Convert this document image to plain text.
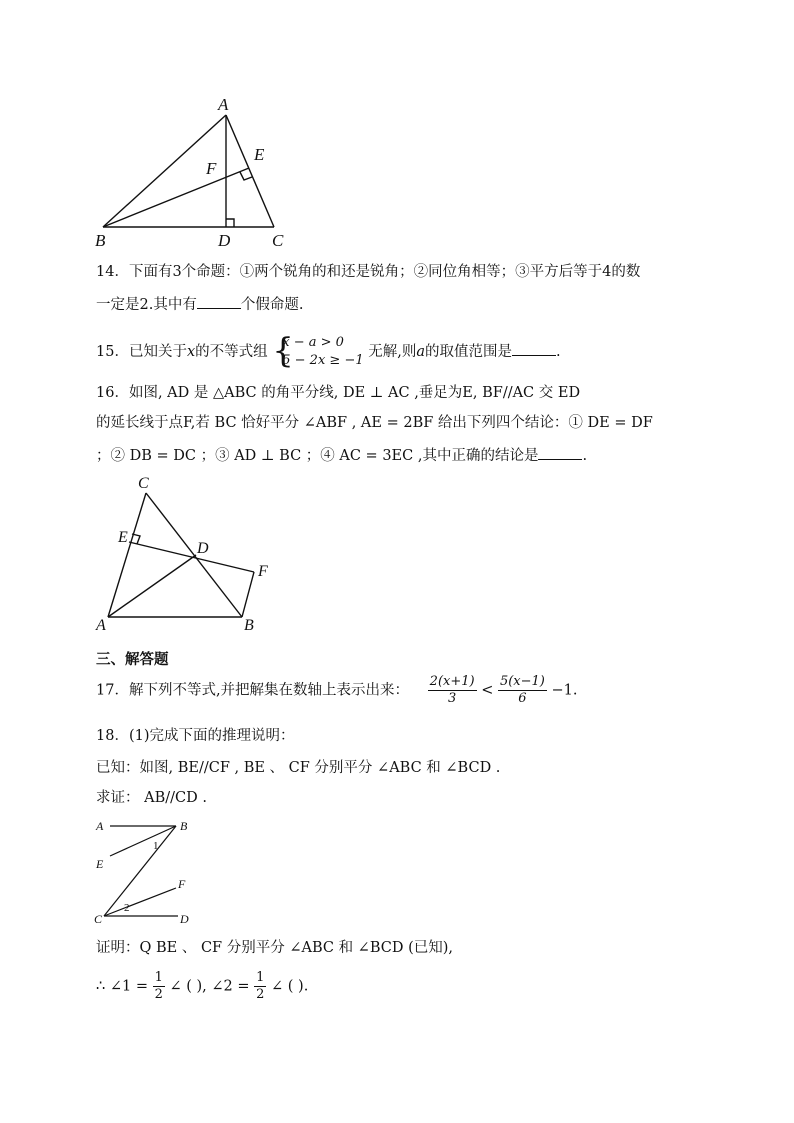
A
B	C
D
E
F
14．下面有3个命题：①两个锐角的和还是锐角；②同位角相等；③平方后等于4的数
一定是2.其中有	个假命题.
15．已知关于x的不等式组 {
x − a > 0
5 − 2x ≥ −1
无解,则a的取值范围是	.
16．如图, AD 是 △ABC 的角平分线, DE ⊥ AC ,垂足为E, BF//AC 交 ED
的延长线于点F,若 BC 恰好平分 ∠ABF , AE = 2BF 给出下列四个结论：① DE = DF
；② DB = DC ；③ AD ⊥ BC ；④ AC = 3EC ,其中正确的结论是	.
C
E
D
F
A	B
三、解答题
17．解下列不等式,并把解集在数轴上表示出来： $\frac{2(x+1)}{3} < \frac{5(x-1)}{6} -1$.
18．(1)完成下面的推理说明：
已知：如图, BE//CF , BE 、 CF 分别平分 ∠ABC 和 ∠BCD .
求证： AB//CD .
A	B
E
F
C	D
1
2
证明：Q BE 、 CF 分别平分 ∠ABC 和 ∠BCD (已知),
∴ ∠1 = $\frac{1}{2}$ ∠ ( ), ∠2 = $\frac{1}{2}$ ∠ ( ).
